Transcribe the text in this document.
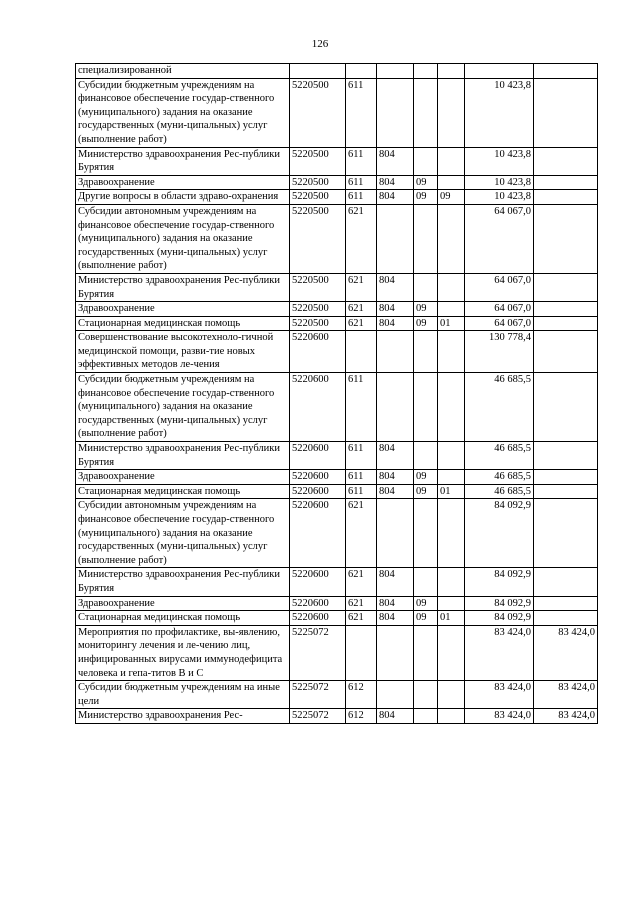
126
специализированной							
Субсидии бюджетным учреждениям на финансовое обеспечение государ-ственного (муниципального) задания на оказание государственных (муни-ципальных) услуг (выполнение работ)	5220500	611				10 423,8	
Министерство здравоохранения Рес-публики Бурятия	5220500	611	804			10 423,8	
Здравоохранение	5220500	611	804	09		10 423,8	
Другие вопросы в области здраво-охранения	5220500	611	804	09	09	10 423,8	
Субсидии автономным учреждениям на финансовое обеспечение государ-ственного (муниципального) задания на оказание государственных (муни-ципальных) услуг (выполнение работ)	5220500	621				64 067,0	
Министерство здравоохранения Рес-публики Бурятия	5220500	621	804			64 067,0	
Здравоохранение	5220500	621	804	09		64 067,0	
Стационарная медицинская помощь	5220500	621	804	09	01	64 067,0	
Совершенствование высокотехноло-гичной медицинской помощи, разви-тие новых эффективных методов ле-чения	5220600					130 778,4	
Субсидии бюджетным учреждениям на финансовое обеспечение государ-ственного (муниципального) задания на оказание государственных (муни-ципальных) услуг (выполнение работ)	5220600	611				46 685,5	
Министерство здравоохранения Рес-публики Бурятия	5220600	611	804			46 685,5	
Здравоохранение	5220600	611	804	09		46 685,5	
Стационарная медицинская помощь	5220600	611	804	09	01	46 685,5	
Субсидии автономным учреждениям на финансовое обеспечение государ-ственного (муниципального) задания на оказание государственных (муни-ципальных) услуг (выполнение работ)	5220600	621				84 092,9	
Министерство здравоохранения Рес-публики Бурятия	5220600	621	804			84 092,9	
Здравоохранение	5220600	621	804	09		84 092,9	
Стационарная медицинская помощь	5220600	621	804	09	01	84 092,9	
Мероприятия по профилактике, вы-явлению, мониторингу лечения и ле-чению лиц, инфицированных вирусами иммунодефицита человека и гепа-титов В и С	5225072					83 424,0	83 424,0
Субсидии бюджетным учреждениям на иные цели	5225072	612				83 424,0	83 424,0
Министерство здравоохранения Рес-	5225072	612	804			83 424,0	83 424,0
